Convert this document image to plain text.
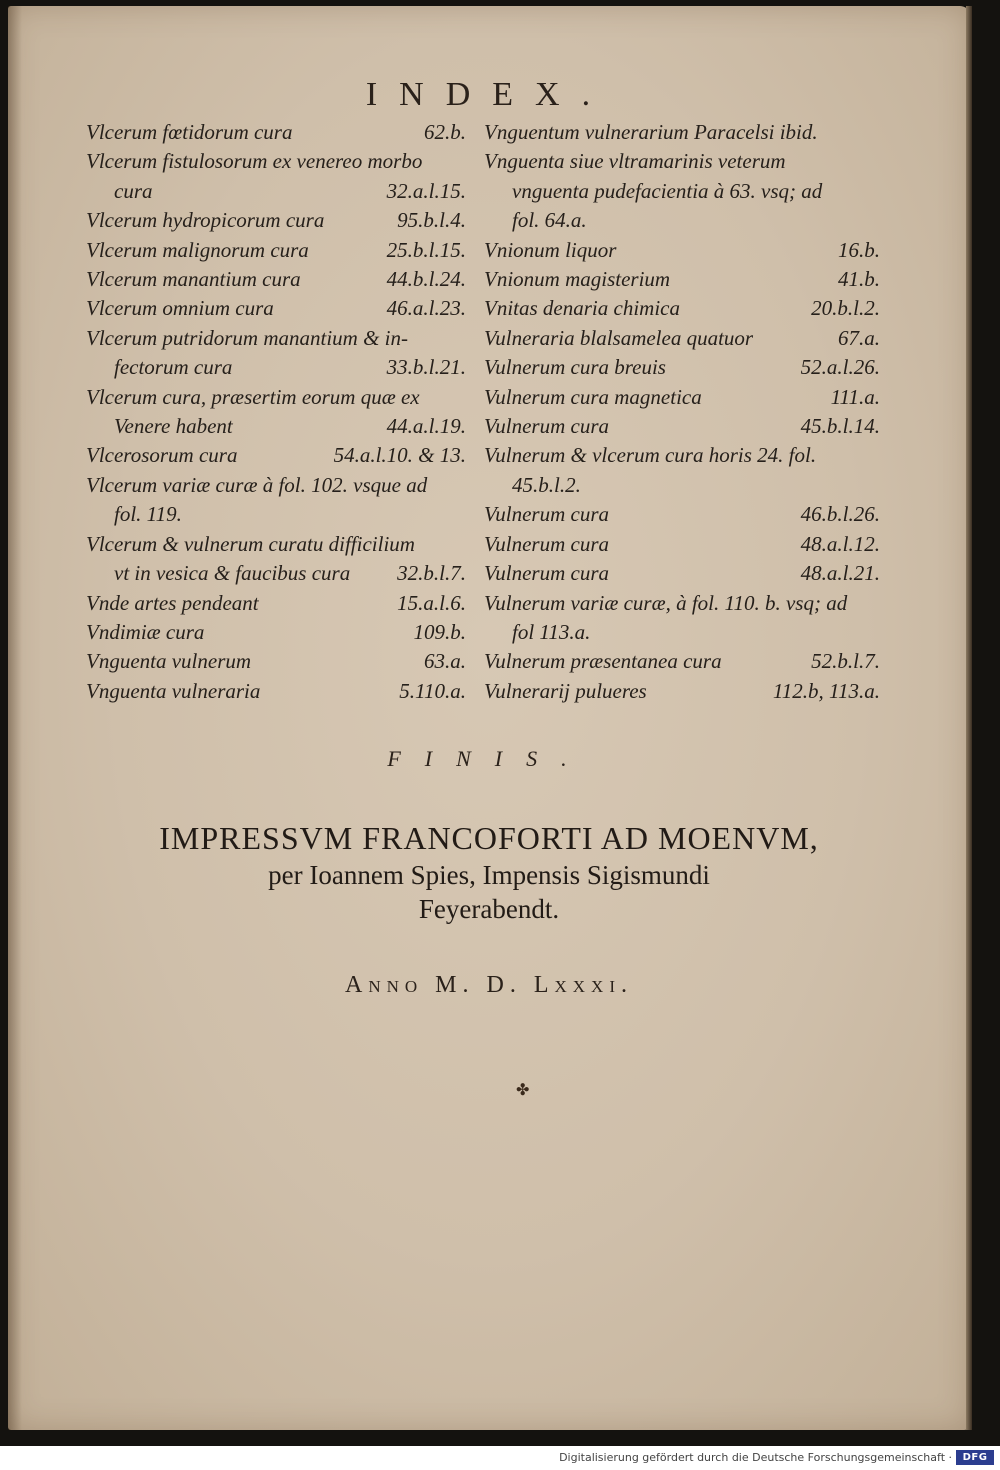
INDEX.
Vlcerum fœtidorum cura	62.b.
Vlcerum fistulosorum ex venereo morbo
cura	32.a.l.15.
Vlcerum hydropicorum cura	95.b.l.4.
Vlcerum malignorum cura	25.b.l.15.
Vlcerum manantium cura	44.b.l.24.
Vlcerum omnium cura	46.a.l.23.
Vlcerum putridorum manantium & in-
fectorum cura	33.b.l.21.
Vlcerum cura, præsertim eorum quæ ex
Venere habent	44.a.l.19.
Vlcerosorum cura	54.a.l.10. & 13.
Vlcerum variæ curæ à fol. 102. vsque ad
fol. 119.
Vlcerum & vulnerum curatu difficilium
vt in vesica & faucibus cura	32.b.l.7.
Vnde artes pendeant	15.a.l.6.
Vndimiæ cura	109.b.
Vnguenta vulnerum	63.a.
Vnguenta vulneraria	5.110.a.
Vnguentum vulnerarium Paracelsi ibid.
Vnguenta siue vltramarinis veterum
vnguenta pudefacientia à 63. vsq; ad
fol. 64.a.
Vnionum liquor	16.b.
Vnionum magisterium	41.b.
Vnitas denaria chimica	20.b.l.2.
Vulneraria blalsamelea quatuor	67.a.
Vulnerum cura breuis	52.a.l.26.
Vulnerum cura magnetica	111.a.
Vulnerum cura	45.b.l.14.
Vulnerum & vlcerum cura horis 24. fol.
45.b.l.2.
Vulnerum cura	46.b.l.26.
Vulnerum cura	48.a.l.12.
Vulnerum cura	48.a.l.21.
Vulnerum variæ curæ, à fol. 110. b. vsq; ad
fol 113.a.
Vulnerum præsentanea cura	52.b.l.7.
Vulnerarij pulueres	112.b, 113.a.
FINIS.
IMPRESSVM FRANCOFORTI AD MOENVM,
per Ioannem Spies, Impensis Sigismundi
Feyerabendt.
Anno M. D. Lxxxi.
✤
Digitalisierung gefördert durch die Deutsche Forschungsgemeinschaft ·	DFG
